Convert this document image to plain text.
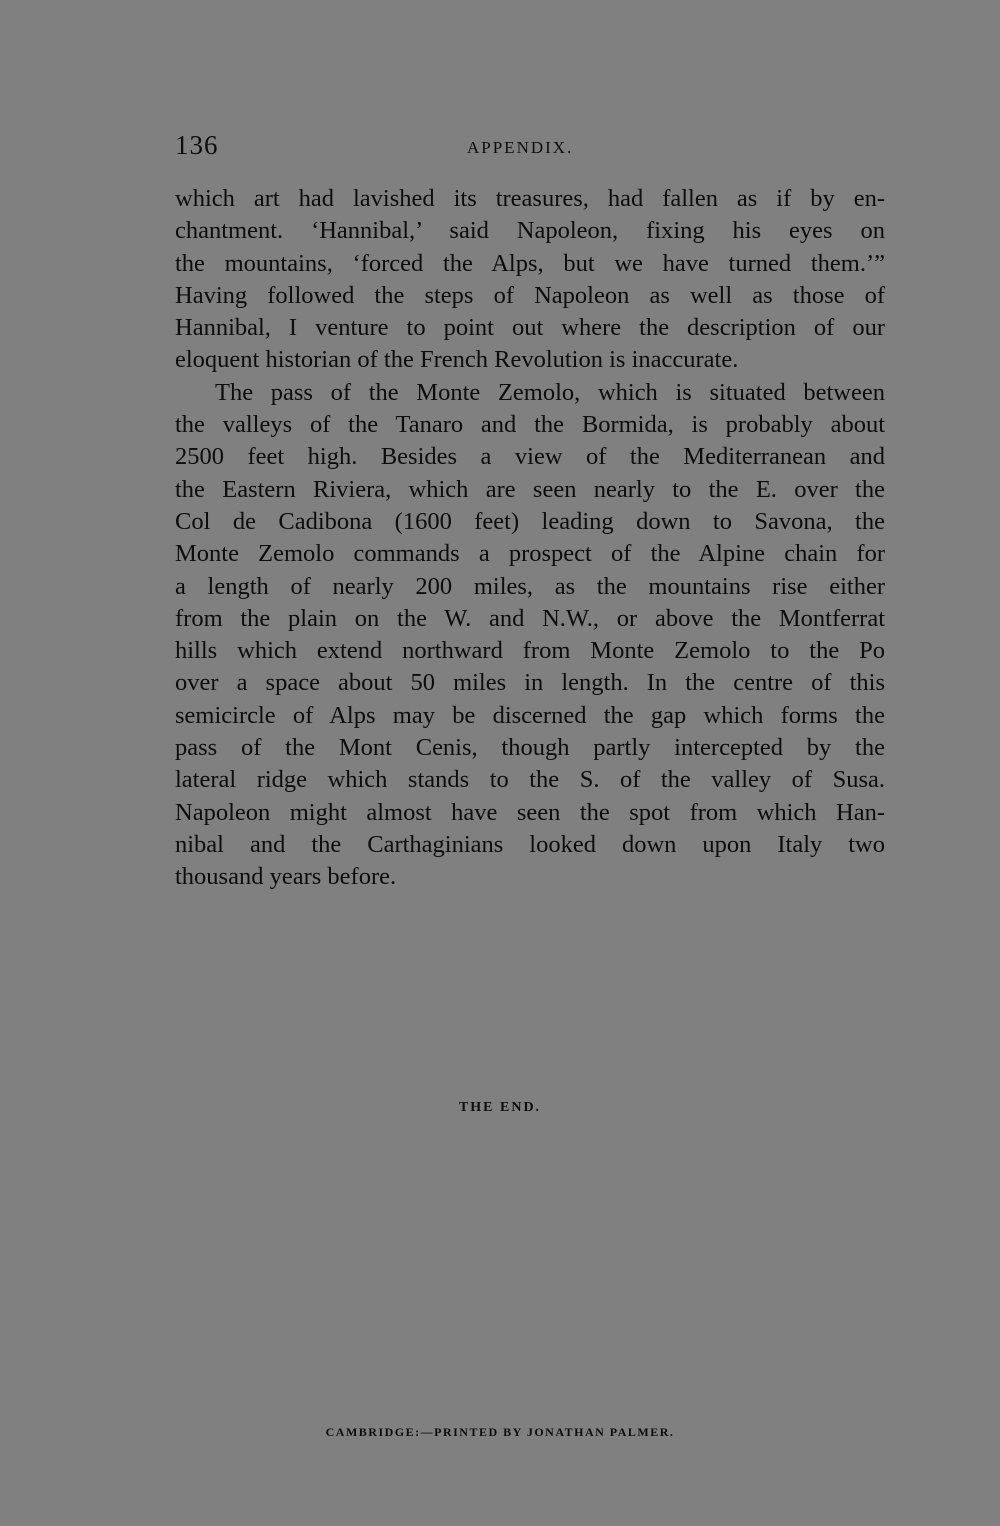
136	APPENDIX.
which art had lavished its treasures, had fallen as if by en-
chantment. ‘Hannibal,’ said Napoleon, fixing his eyes on
the mountains, ‘forced the Alps, but we have turned them.’”
Having followed the steps of Napoleon as well as those of
Hannibal, I venture to point out where the description of our
eloquent historian of the French Revolution is inaccurate.
The pass of the Monte Zemolo, which is situated between
the valleys of the Tanaro and the Bormida, is probably about
2500 feet high. Besides a view of the Mediterranean and
the Eastern Riviera, which are seen nearly to the E. over the
Col de Cadibona (1600 feet) leading down to Savona, the
Monte Zemolo commands a prospect of the Alpine chain for
a length of nearly 200 miles, as the mountains rise either
from the plain on the W. and N.W., or above the Montferrat
hills which extend northward from Monte Zemolo to the Po
over a space about 50 miles in length. In the centre of this
semicircle of Alps may be discerned the gap which forms the
pass of the Mont Cenis, though partly intercepted by the
lateral ridge which stands to the S. of the valley of Susa.
Napoleon might almost have seen the spot from which Han-
nibal and the Carthaginians looked down upon Italy two
thousand years before.
THE END.
CAMBRIDGE:—PRINTED BY JONATHAN PALMER.
